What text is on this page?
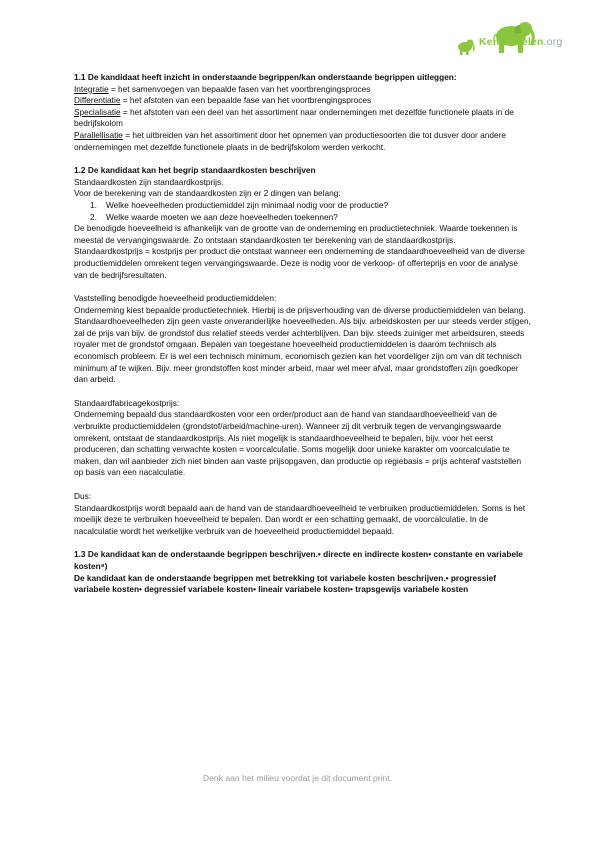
Kennisdelen.org

1.1 De kandidaat heeft inzicht in onderstaande begrippen/kan onderstaande begrippen uitleggen:

Integratie = het samenvoegen van bepaalde fasen van het voortbrengingsproces

Differentiatie = het afstoten van een bepaalde fase van het voortbrengingsproces

Specialisatie = het afstoten van een deel van het assortiment naar ondernemingen met dezelfde functionele plaats in de bedrijfskolom

Parallellisatie = het uitbreiden van het assortiment door het opnemen van productiesoorten die tot dusver door andere ondernemingen met dezelfde functionele plaats in de bedrijfskolom werden verkocht.

1.2 De kandidaat kan het begrip standaardkosten beschrijven

Standaardkosten zijn standaardkostprijs.

Voor de berekening van de standaardkosten zijn er 2 dingen van belang:

1.	Welke hoeveelheden productiemiddel zijn minimaal nodig voor de productie?
2.	Welke waarde moeten we aan deze hoeveelheden toekennen?

De benodigde hoeveelheid is afhankelijk van de grootte van de onderneming en productietechniek. Waarde toekennen is meestal de vervangingswaarde. Zo ontstaan standaardkosten ter berekening van de standaardkostprijs.

Standaardkostprijs = kostprijs per product die ontstaat wanneer een onderneming de standaardhoeveelheid van de diverse productiemiddelen omrekent tegen vervangingswaarde. Deze is nodig voor de verkoop- of offerteprijs en voor de analyse van de bedrijfsresultaten.

Vaststelling benodigde hoeveelheid productiemiddelen:

Onderneming kiest bepaalde productietechniek. Hierbij is de prijsverhouding van de diverse productiemiddelen van belang. Standaardhoeveelheden zijn geen vaste onveranderlijke hoeveelheden. Als bijv. arbeidskosten per uur steeds verder stijgen, zal de prijs van bijv. de grondstof dus relatief steeds verder achterblijven. Dan bijv. steeds zuiniger met arbeidsuren, steeds royaler met de grondstof omgaan. Bepalen van toegestane hoeveelheid productiemiddelen is daarom technisch als economisch probleem. Er is wel een technisch minimum, economisch gezien kan het voordeliger zijn om van dit technisch minimum af te wijken. Bijv. meer grondstoffen kost minder arbeid, maar wel meer afval, maar grondstoffen zijn goedkoper dan arbeid.

Standaardfabricagekostprijs:

Onderneming bepaald dus standaardkosten voor een order/product aan de hand van standaardhoeveelheid van de verbruikte productiemiddelen (grondstof/arbeid/machine-uren). Wanneer zij dit verbruik tegen de vervangingswaarde omrekent, ontstaat de standaardkostprijs. Als niet mogelijk is standaardhoeveelheid te bepalen, bijv. voor het eerst produceren, dan schatting verwachte kosten = voorcalculatie. Soms mogelijk door unieke karakter om voorcalculatie te maken, dan wil aanbieder zich niet binden aan vaste prijsopgaven, dan productie op regiebasis = prijs achteraf vaststellen op basis van een nacalculatie.

Dus:

Standaardkostprijs wordt bepaald aan de hand van de standaardhoeveelheid te verbruiken productiemiddelen. Soms is het moeilijk deze te verbruiken hoeveelheid te bepalen. Dan wordt er een schatting gemaakt, de voorcalculatie. In de nacalculatie wordt het werkelijke verbruik van de hoeveelheid productiemiddel bepaald.

1.3 De kandidaat kan de onderstaande begrippen beschrijven.• directe en indirecte kosten• constante en variabele kosten⁸)

De kandidaat kan de onderstaande begrippen met betrekking tot variabele kosten beschrijven.• progressief variabele kosten• degressief variabele kosten• lineair variabele kosten• trapsgewijs variabele kosten

Denk aan het milieu voordat je dit document print.
